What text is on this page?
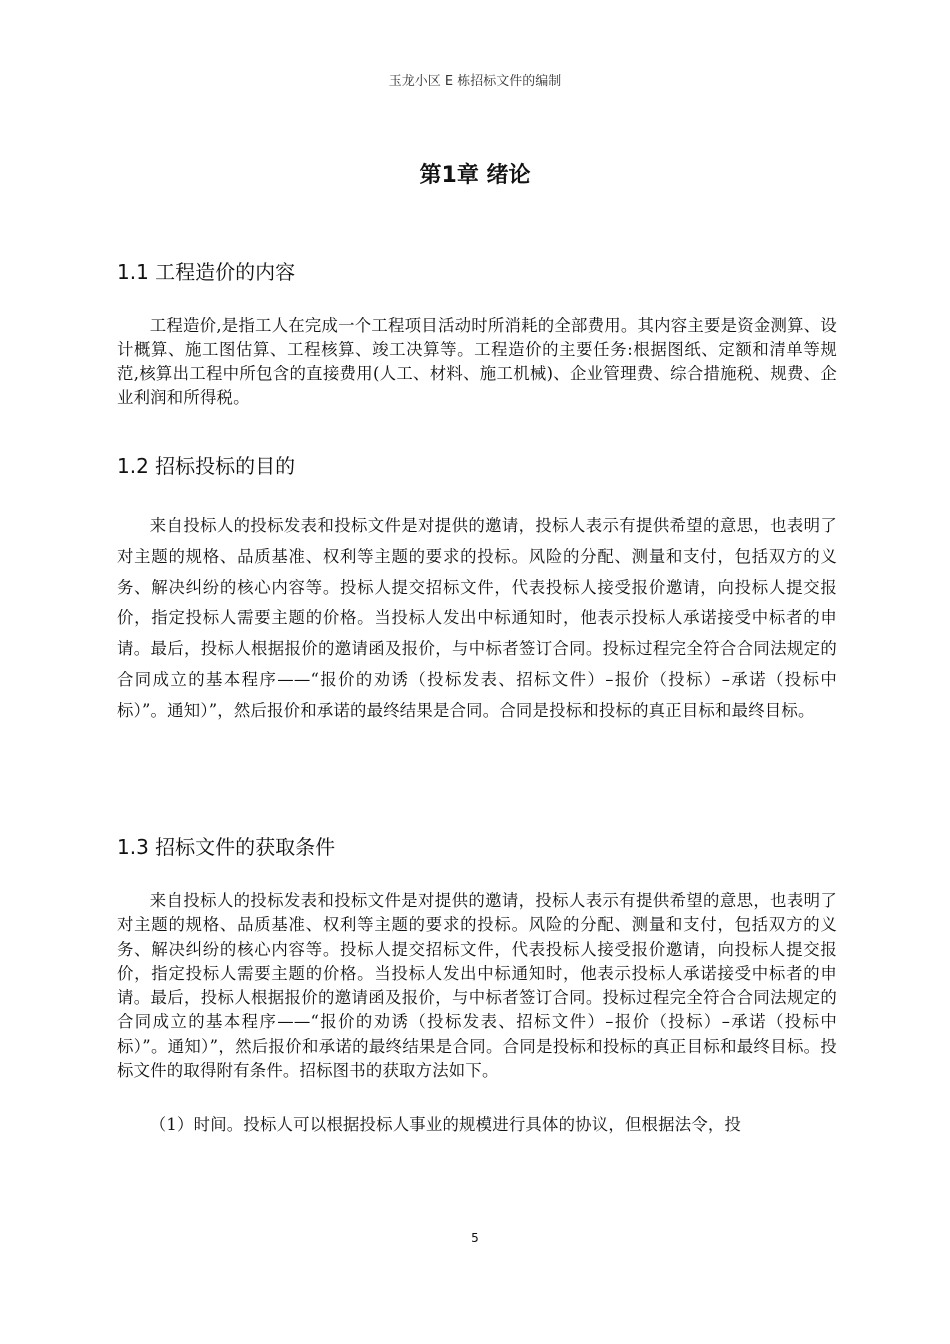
玉龙小区 E 栋招标文件的编制
第1章 绪论
1.1 工程造价的内容

工程造价,是指工人在完成一个工程项目活动时所消耗的全部费用。其内容主要是资金测算、设计概算、施工图估算、工程核算、竣工决算等。工程造价的主要任务:根据图纸、定额和清单等规范,核算出工程中所包含的直接费用(人工、材料、施工机械)、企业管理费、综合措施税、规费、企业利润和所得税。

1.2 招标投标的目的

来自投标人的投标发表和投标文件是对提供的邀请，投标人表示有提供希望的意思，也表明了对主题的规格、品质基准、权利等主题的要求的投标。风险的分配、测量和支付，包括双方的义务、解决纠纷的核心内容等。投标人提交招标文件，代表投标人接受报价邀请，向投标人提交报价，指定投标人需要主题的价格。当投标人发出中标通知时，他表示投标人承诺接受中标者的申请。最后，投标人根据报价的邀请函及报价，与中标者签订合同。投标过程完全符合合同法规定的合同成立的基本程序——“报价的劝诱（投标发表、招标文件）–报价（投标）–承诺（投标中标）”。通知）”，然后报价和承诺的最终结果是合同。合同是投标和投标的真正目标和最终目标。

1.3 招标文件的获取条件

来自投标人的投标发表和投标文件是对提供的邀请，投标人表示有提供希望的意思，也表明了对主题的规格、品质基准、权利等主题的要求的投标。风险的分配、测量和支付，包括双方的义务、解决纠纷的核心内容等。投标人提交招标文件，代表投标人接受报价邀请，向投标人提交报价，指定投标人需要主题的价格。当投标人发出中标通知时，他表示投标人承诺接受中标者的申请。最后，投标人根据报价的邀请函及报价，与中标者签订合同。投标过程完全符合合同法规定的合同成立的基本程序——“报价的劝诱（投标发表、招标文件）–报价（投标）–承诺（投标中标）”。通知）”，然后报价和承诺的最终结果是合同。合同是投标和投标的真正目标和最终目标。投标文件的取得附有条件。招标图书的获取方法如下。

（1）时间。投标人可以根据投标人事业的规模进行具体的协议，但根据法令，投

5
